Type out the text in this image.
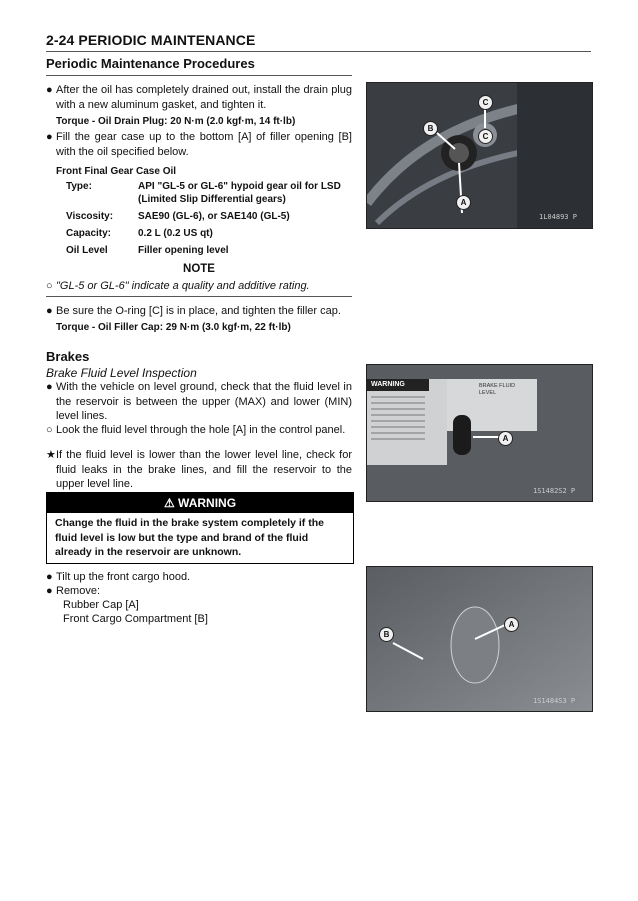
2-24 PERIODIC MAINTENANCE
Periodic Maintenance Procedures
● After the oil has completely drained out, install the drain plug with a new aluminum gasket, and tighten it.
Torque - Oil Drain Plug: 20 N·m (2.0 kgf·m, 14 ft·lb)
● Fill the gear case up to the bottom [A] of filler opening [B] with the oil specified below.
Front Final Gear Case Oil
Type:	API "GL-5 or GL-6" hypoid gear oil for LSD (Limited Slip Differential gears)
Viscosity:	SAE90 (GL-6), or SAE140 (GL-5)
Capacity:	0.2 L (0.2 US qt)
Oil Level	Filler opening level
NOTE
○ "GL-5 or GL-6" indicate a quality and additive rating.
● Be sure the O-ring [C] is in place, and tighten the filler cap.
Torque - Oil Filler Cap: 29 N·m (3.0 kgf·m, 22 ft·lb)
Brakes
Brake Fluid Level Inspection
● With the vehicle on level ground, check that the fluid level in the reservoir is between the upper (MAX) and lower (MIN) level lines.
○ Look the fluid level through the hole [A] in the control panel.
★ If the fluid level is lower than the lower level line, check for fluid leaks in the brake lines, and fill the reservoir to the upper level line.
⚠ WARNING
Change the fluid in the brake system completely if the fluid level is low but the type and brand of the fluid already in the reservoir are unknown.
● Tilt up the front cargo hood.
● Remove:
Rubber Cap [A]
Front Cargo Compartment [B]
B
C
C
A
1L04893 P
WARNING	BRAKE FLUID LEVEL
A
1S1482S2 P
A
B
1S1484S3 P
